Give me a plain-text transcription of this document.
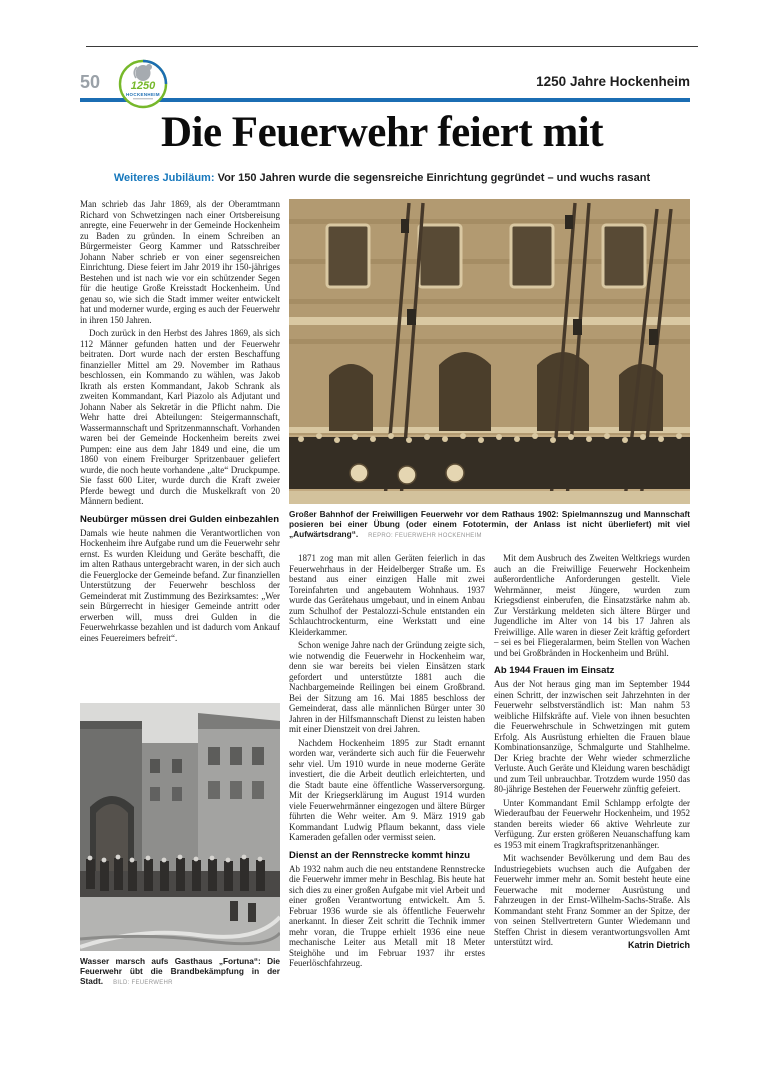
50	1250 Jahre Hockenheim
1250
HOCKENHEIM
Die Feuerwehr feiert mit

Weiteres Jubiläum: Vor 150 Jahren wurde die segensreiche Einrichtung gegründet – und wuchs rasant

Man schrieb das Jahr 1869, als der Oberamtmann Richard von Schwetzingen nach einer Ortsbereisung anregte, eine Feuerwehr in der Gemeinde Hockenheim zu Baden zu gründen. In einem Schreiben an Bürgermeister Georg Kammer und Ratsschreiber Johann Naber schrieb er von einer segensreichen Einrichtung. Diese feiert im Jahr 2019 ihr 150-jähriges Bestehen und ist nach wie vor ein schützender Segen für die heutige Große Kreisstadt Hockenheim. Und genau so, wie sich die Stadt immer weiter entwickelt hat und moderner wurde, erging es auch der Feuerwehr in ihren 150 Jahren.

Doch zurück in den Herbst des Jahres 1869, als sich 112 Männer gefunden hatten und der Feuerwehr beitraten. Dort wurde nach der ersten Beschaffung finanzieller Mittel am 29. November im Rathaus beschlossen, ein Kommando zu wählen, was Jakob Ikrath als ersten Kommandant, Jakob Schrank als zweiten Kommandant, Karl Piazolo als Adjutant und Johann Naber als Sekretär in die Pflicht nahm. Die Wehr hatte drei Abteilungen: Steigermannschaft, Wassermannschaft und Spritzenmannschaft. Vorhanden waren bei der Gemeinde Hockenheim bereits zwei Pumpen: eine aus dem Jahr 1849 und eine, die um 1860 von einem Freiburger Spritzenbauer geliefert wurde, die noch heute vorhandene „alte“ Druckpumpe. Sie fasst 600 Liter, wurde durch die Kraft zweier Pferde bewegt und durch die Muskelkraft von 20 Männern bedient.

Neubürger müssen drei Gulden einbezahlen

Damals wie heute nahmen die Verantwortlichen von Hockenheim ihre Aufgabe rund um die Feuerwehr sehr ernst. Es wurden Kleidung und Geräte beschafft, die im alten Rathaus untergebracht waren, in der sich auch die Feuerglocke der Gemeinde befand. Zur finanziellen Unterstützung der Feuerwehr beschloss der Gemeinderat mit Zustimmung des Bezirksamtes: „Wer sein Bürgerrecht in hiesiger Gemeinde antritt oder erwerben will, muss drei Gulden in die Feuerwehrkasse bezahlen und ist dadurch vom Ankauf eines Feuereimers befreit“.

Wasser marsch aufs Gasthaus „Fortuna“: Die Feuerwehr übt die Brandbekämpfung in der Stadt. BILD: FEUERWEHR

Großer Bahnhof der Freiwilligen Feuerwehr vor dem Rathaus 1902: Spielmannszug und Mannschaft posieren bei einer Übung (oder einem Fototermin, der Anlass ist nicht überliefert) mit viel „Aufwärtsdrang“. REPRO: FEUERWEHR HOCKENHEIM

1871 zog man mit allen Geräten feierlich in das Feuerwehrhaus in der Heidelberger Straße um. Es bestand aus einer einzigen Halle mit zwei Toreinfahrten und angebautem Wohnhaus. 1937 wurde das Gerätehaus umgebaut, und in einem Anbau zum Schulhof der Pestalozzi-Schule entstanden ein Schlauchtrockenturm, eine Werkstatt und eine Kleiderkammer.

Schon wenige Jahre nach der Gründung zeigte sich, wie notwendig die Feuerwehr in Hockenheim war, denn sie war bereits bei vielen Einsätzen stark gefordert und unterstützte 1881 auch die Nachbargemeinde Reilingen bei einem Großbrand. Bei der Sitzung am 16. Mai 1885 beschloss der Gemeinderat, dass alle männlichen Bürger unter 30 Jahren in der Hilfsmannschaft Dienst zu leisten haben mit einer Dienstzeit von drei Jahren.

Nachdem Hockenheim 1895 zur Stadt ernannt worden war, veränderte sich auch für die Feuerwehr sehr viel. Um 1910 wurde in neue moderne Geräte investiert, die die Arbeit deutlich erleichterten, und die Stadt baute eine öffentliche Wasserversorgung. Mit der Kriegserklärung im August 1914 wurden viele Feuerwehrmänner eingezogen und ältere Bürger führten die Wehr weiter. Am 9. März 1919 gab Kommandant Ludwig Pflaum bekannt, dass viele Kameraden gefallen oder vermisst seien.

Dienst an der Rennstrecke kommt hinzu

Ab 1932 nahm auch die neu entstandene Rennstrecke die Feuerwehr immer mehr in Beschlag. Bis heute hat sich dies zu einer großen Aufgabe mit viel Arbeit und einer großen Verantwortung entwickelt. Am 5. Februar 1936 wurde sie als öffentliche Feuerwehr anerkannt. In dieser Zeit schritt die Technik immer mehr voran, die Truppe erhielt 1936 eine neue mechanische Leiter aus Metall mit 18 Meter Steighöhe und im Februar 1937 ihr erstes Feuerlöschfahrzeug.

Mit dem Ausbruch des Zweiten Weltkriegs wurden auch an die Freiwillige Feuerwehr Hockenheim außerordentliche Anforderungen gestellt. Viele Wehrmänner, meist Jüngere, wurden zum Kriegsdienst einberufen, die Einsatzstärke nahm ab. Zur Verstärkung meldeten sich ältere Bürger und Jugendliche im Alter von 14 bis 17 Jahren als Freiwillige. Alle waren in dieser Zeit kräftig gefordert – sei es bei Fliegeralarmen, beim Stellen von Wachen und bei Großbränden in Hockenheim und Brühl.

Ab 1944 Frauen im Einsatz

Aus der Not heraus ging man im September 1944 einen Schritt, der inzwischen seit Jahrzehnten in der Feuerwehr selbstverständlich ist: Man nahm 53 weibliche Hilfskräfte auf. Viele von ihnen besuchten die Feuerwehrschule in Schwetzingen mit gutem Erfolg. Als Ausrüstung erhielten die Frauen blaue Kombinationsanzüge, Schmalgurte und Stahlhelme. Der Krieg brachte der Wehr wieder schmerzliche Verluste. Auch Geräte und Kleidung waren beschädigt und zum Teil unbrauchbar. Trotzdem wurde 1950 das 80-jährige Bestehen der Feuerwehr zünftig gefeiert.

Unter Kommandant Emil Schlampp erfolgte der Wiederaufbau der Feuerwehr Hockenheim, und 1952 standen bereits wieder 66 aktive Wehrleute zur Verfügung. Zur ersten größeren Neuanschaffung kam es 1953 mit einem Tragkraftspritzenanhänger.

Mit wachsender Bevölkerung und dem Bau des Industriegebiets wuchsen auch die Aufgaben der Feuerwehr immer mehr an. Somit besteht heute eine Feuerwache mit moderner Ausrüstung und Fahrzeugen in der Ernst-Wilhelm-Sachs-Straße. Als Kommandant steht Franz Sommer an der Spitze, der von seinen Stellvertretern Gunter Wiedemann und Steffen Christ in diesem verantwortungsvollen Amt unterstützt wird.	Katrin Dietrich
